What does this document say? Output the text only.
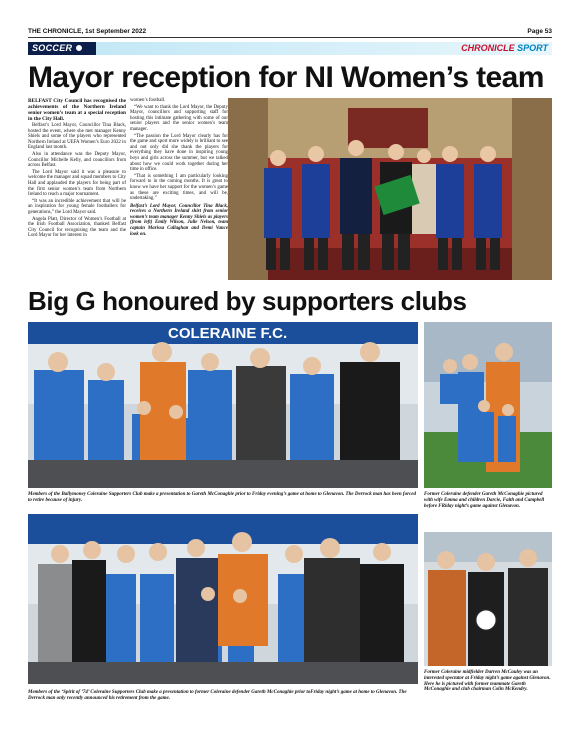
THE CHRONICLE, 1st September 2022	Page 53
SOCCER	CHRONICLE SPORT
Mayor reception for NI Women’s team

BELFAST City Council has recognised the achievements of the Northern Ireland senior women’s team at a special reception in the City Hall.

Belfast’s Lord Mayor, Councillor Tina Black, hosted the event, where she met manager Kenny Shiels and some of the players who represented Northern Ireland at UEFA Women’s Euro 2022 in England last month.

Also in attendance was the Deputy Mayor, Councillor Michelle Kelly, and councillors from across Belfast.

The Lord Mayor said it was a pleasure to welcome the manager and squad members to City Hall and applauded the players for being part of the first senior women’s team from Northern Ireland to reach a major tournament.

“It was an incredible achievement that will be an inspiration for young female footballers for generations,” the Lord Mayor said.

Angela Platt, Director of Women’s Football at the Irish Football Association, thanked Belfast City Council for recognising the team and the Lord Mayor for her interest in

women’s football.

“We want to thank the Lord Mayor, the Deputy Mayor, councillors and supporting staff for hosting this intimate gathering with some of our senior players and the senior women’s team manager.

“The passion the Lord Mayor clearly has for the game and sport more widely is brilliant to see and not only did she thank the players for everything they have done in inspiring young boys and girls across the summer, but we talked about how we could work together during her time in office.

“That is something I am particularly looking forward to in the coming months. It is great to know we have her support for the women’s game as these are exciting times, and will be, undertaking.”

Belfast’s Lord Mayor, Councillor Tina Black, receives a Northern Ireland shirt from senior women’s team manager Kenny Shiels as players (from left) Emily Wilson, Julie Nelson, team captain Marissa Callaghan and Demi Vance look on.

Big G honoured by supporters clubs
COLERAINE F.C.
Members of the Ballymoney Coleraine Supporters Club make a presentation to Gareth McConaghie prior to Friday evening’s game at home to Glenavon. The Derrock man has been forced to retire because of injury.
Former Coleraine defender Gareth McConaghie pictured with wife Emma and children Darcie, Faith and Campbell before FRiday night’s game against Glenavon.
Members of the ‘Spirit of ’74’ Coleraine Supporters Club make a presentation to former Coleraine defender Gareth McConaghie prior toFriday night’s game at home to Glenavon. The Derrock man only recently announced his retirement from the game.
Former Coleraine midfielder Darren McCauley was an interested spectator at Friday night’s game against Glenavon. Here he is pictured with former teammate Gareth McConaghie and club chairman Colin McKendry.
